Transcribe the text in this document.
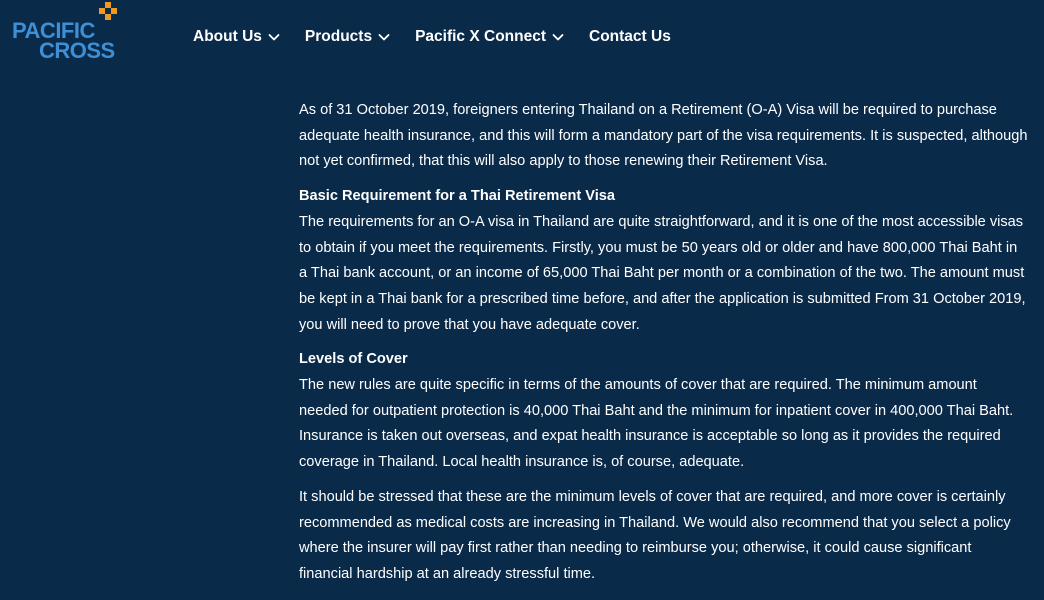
PACIFIC
CROSS
About Us	Products	Pacific X Connect	Contact Us

As of 31 October 2019, foreigners entering Thailand on a Retirement (O-A) Visa will be required to purchase adequate health insurance, and this will form a mandatory part of the visa requirements. It is suspected, although not yet confirmed, that this will also apply to those renewing their Retirement Visa.

Basic Requirement for a Thai Retirement Visa
The requirements for an O-A visa in Thailand are quite straightforward, and it is one of the most accessible visas to obtain if you meet the requirements. Firstly, you must be 50 years old or older and have 800,000 Thai Baht in a Thai bank account, or an income of 65,000 Thai Baht per month or a combination of the two. The amount must be kept in a Thai bank for a prescribed time before, and after the application is submitted From 31 October 2019, you will need to prove that you have adequate cover.
Levels of Cover
The new rules are quite specific in terms of the amounts of cover that are required. The minimum amount needed for outpatient protection is 40,000 Thai Baht and the minimum for inpatient cover in 400,000 Thai Baht. Insurance is taken out overseas, and expat health insurance is acceptable so long as it provides the required coverage in Thailand. Local health insurance is, of course, adequate.

It should be stressed that these are the minimum levels of cover that are required, and more cover is certainly recommended as medical costs are increasing in Thailand. We would also recommend that you select a policy where the insurer will pay first rather than needing to reimburse you; otherwise, it could cause significant financial hardship at an already stressful time.
